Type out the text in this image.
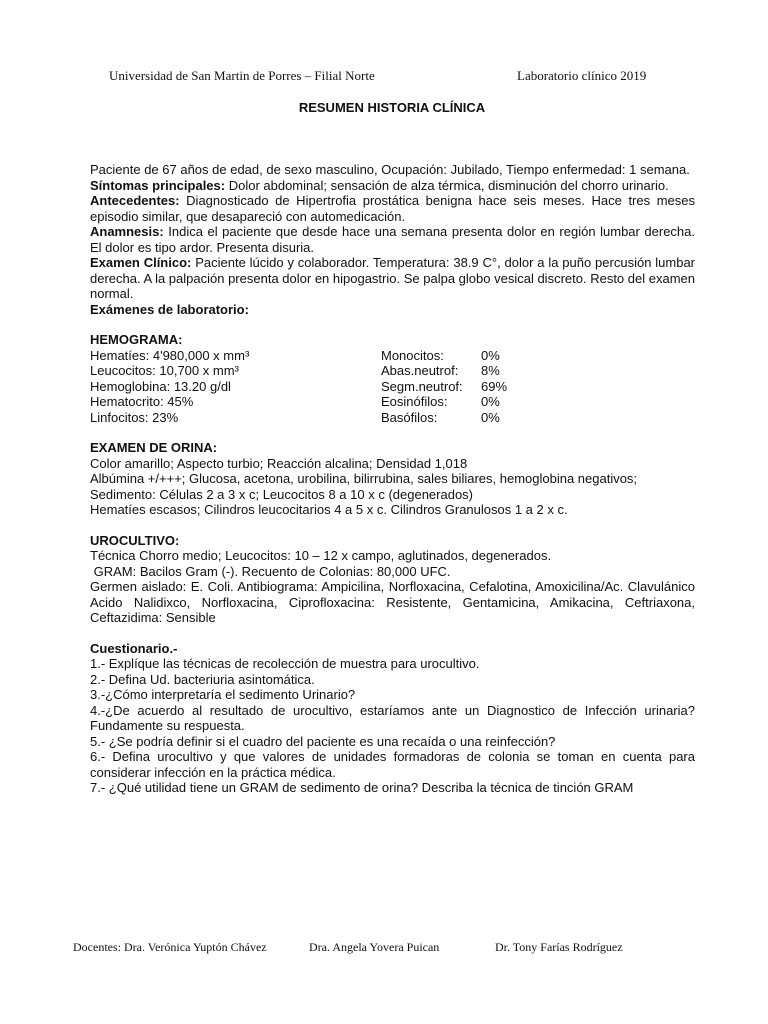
Universidad de San Martin de Porres – Filial Norte	Laboratorio clínico 2019
RESUMEN HISTORIA CLÍNICA

Paciente de 67 años de edad, de sexo masculino, Ocupación: Jubilado, Tiempo enfermedad: 1 semana.

Síntomas principales: Dolor abdominal; sensación de alza térmica, disminución del chorro urinario.

Antecedentes: Diagnosticado de Hipertrofia prostática benigna hace seis meses. Hace tres meses episodio similar, que desapareció con automedicación.

Anamnesis: Indica el paciente que desde hace una semana presenta dolor en región lumbar derecha. El dolor es tipo ardor. Presenta disuria.

Examen Clínico: Paciente lúcido y colaborador. Temperatura: 38.9 C°, dolor a la puño percusión lumbar derecha. A la palpación presenta dolor en hipogastrio. Se palpa globo vesical discreto. Resto del examen normal.

Exámenes de laboratorio:

HEMOGRAMA:
Hematíes: 4'980,000 x mm³	Monocitos:	0%
Leucocitos: 10,700 x mm³	Abas.neutrof:	8%
Hemoglobina: 13.20 g/dl	Segm.neutrof:	69%
Hematocrito: 45%	Eosinófilos:	0%
Linfocitos: 23%	Basófilos:	0%
EXAMEN DE ORINA:

Color amarillo; Aspecto turbio; Reacción alcalina; Densidad 1,018

Albúmina +/+++; Glucosa, acetona, urobilina, bilirrubina, sales biliares, hemoglobina negativos;

Sedimento: Células 2 a 3 x c; Leucocitos 8 a 10 x c (degenerados)

Hematíes escasos; Cilindros leucocitarios 4 a 5 x c. Cilindros Granulosos 1 a 2 x c.

UROCULTIVO:

Técnica Chorro medio; Leucocitos: 10 – 12 x campo, aglutinados, degenerados.

GRAM: Bacilos Gram (-). Recuento de Colonias: 80,000 UFC.

Germen aislado: E. Coli. Antibiograma: Ampicilina, Norfloxacina, Cefalotina, Amoxicilina/Ac. Clavulánico Acido Nalidixco, Norfloxacina, Ciprofloxacina: Resistente, Gentamicina, Amikacina, Ceftriaxona, Ceftazidima: Sensible

Cuestionario.-

1.- Explíque las técnicas de recolección de muestra para urocultivo.

2.- Defina Ud. bacteriuria asintomática.

3.-¿Cómo interpretaría el sedimento Urinario?

4.-¿De acuerdo al resultado de urocultivo, estaríamos ante un Diagnostico de Infección urinaria? Fundamente su respuesta.

5.- ¿Se podría definir si el cuadro del paciente es una recaída o una reinfección?

6.- Defina urocultivo y que valores de unidades formadoras de colonia se toman en cuenta para considerar infección en la práctica médica.

7.- ¿Qué utilidad tiene un GRAM de sedimento de orina? Describa la técnica de tinción GRAM

Docentes: Dra. Verónica Yuptón Chávez	Dra. Angela Yovera Puican	Dr. Tony Farías Rodríguez
